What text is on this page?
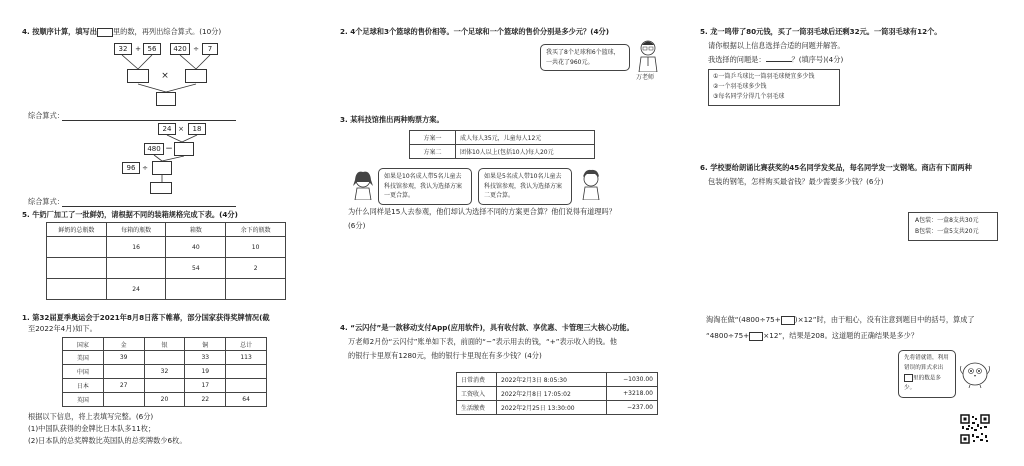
4. 按顺序计算，填写出 里的数，再列出综合算式。(10分)
32	+ 56	420 ÷	7
×
综合算式：
24 ×	18
480 −
96 ÷
综合算式：
5. 牛奶厂加工了一批鲜奶，请根据不同的装箱规格完成下表。(4分)
鲜奶的总瓶数	每箱的瓶数	箱数	余下的瓶数
	16	40	10
		54	2
	24		
1. 第32届夏季奥运会于2021年8月8日落下帷幕，部分国家获得奖牌情况(截
至2022年4月)如下。
国家	金	银	铜	总计
美国	39		33	113
中国		32	19	
日本	27		17	
英国		20	22	64
根据以下信息，将上表填写完整。(6分)
(1)中国队获得的金牌比日本队多11枚；
(2)日本队的总奖牌数比英国队的总奖牌数少6枚。
2. 4个足球和3个篮球的售价相等。一个足球和一个篮球的售价分别是多少元？(4分)
我买了8个足球和6个篮球，一共花了960元。
万老师
3. 某科技馆推出两种购票方案。
方案一	成人每人35元，儿童每人12元
方案二	团体10人以上(包括10人)每人20元
如果是10名成人带5名儿童去科技馆参观，我认为选择方案一更合算。
如果是5名成人带10名儿童去科技馆参观，我认为选择方案二更合算。
为什么同样是15人去参观，他们却认为选择不同的方案更合算？他们说得有道理吗？
(6分)
4. “云闪付”是一款移动支付App(应用软件)，具有收付款、享优惠、卡管理三大核心功能。
万老师2月份“云闪付”账单如下表，前面的“−”表示用去的钱，“+”表示收入的钱。他
的银行卡里原有1280元，他的银行卡里现在有多少钱？(4分)
日常消费	2022年2月3日 8:05:30	−1030.00
工资收入	2022年2月8日 17:05:02	+3218.00
生活缴费	2022年2月25日 13:30:00	−237.00
5. 龙一鸣带了80元钱，买了一筒羽毛球后还剩32元。一筒羽毛球有12个。
请你根据以上信息选择合适的问题并解答。
我选择的问题是：	？(填序号)(4分)
①一筒乒乓球比一筒羽毛球便宜多少钱
②一个羽毛球多少钱
③每名同学分得几个羽毛球
6. 学校要给朗诵比赛获奖的45名同学发奖品，每名同学发一支钢笔。商店有下面两种
包装的钢笔，怎样购买最省钱？最少需要多少钱？(6分)
A包装：一盒8支共30元
B包装：一盒5支共20元
淘淘在做“(4800÷75+ )×12”时，由于粗心，没有注意到题目中的括号，算成了
“4800÷75+ ×12”，结果是208。这道题的正确结果是多少？
先将错就错，利用错误的算式求出里的数是多少。
